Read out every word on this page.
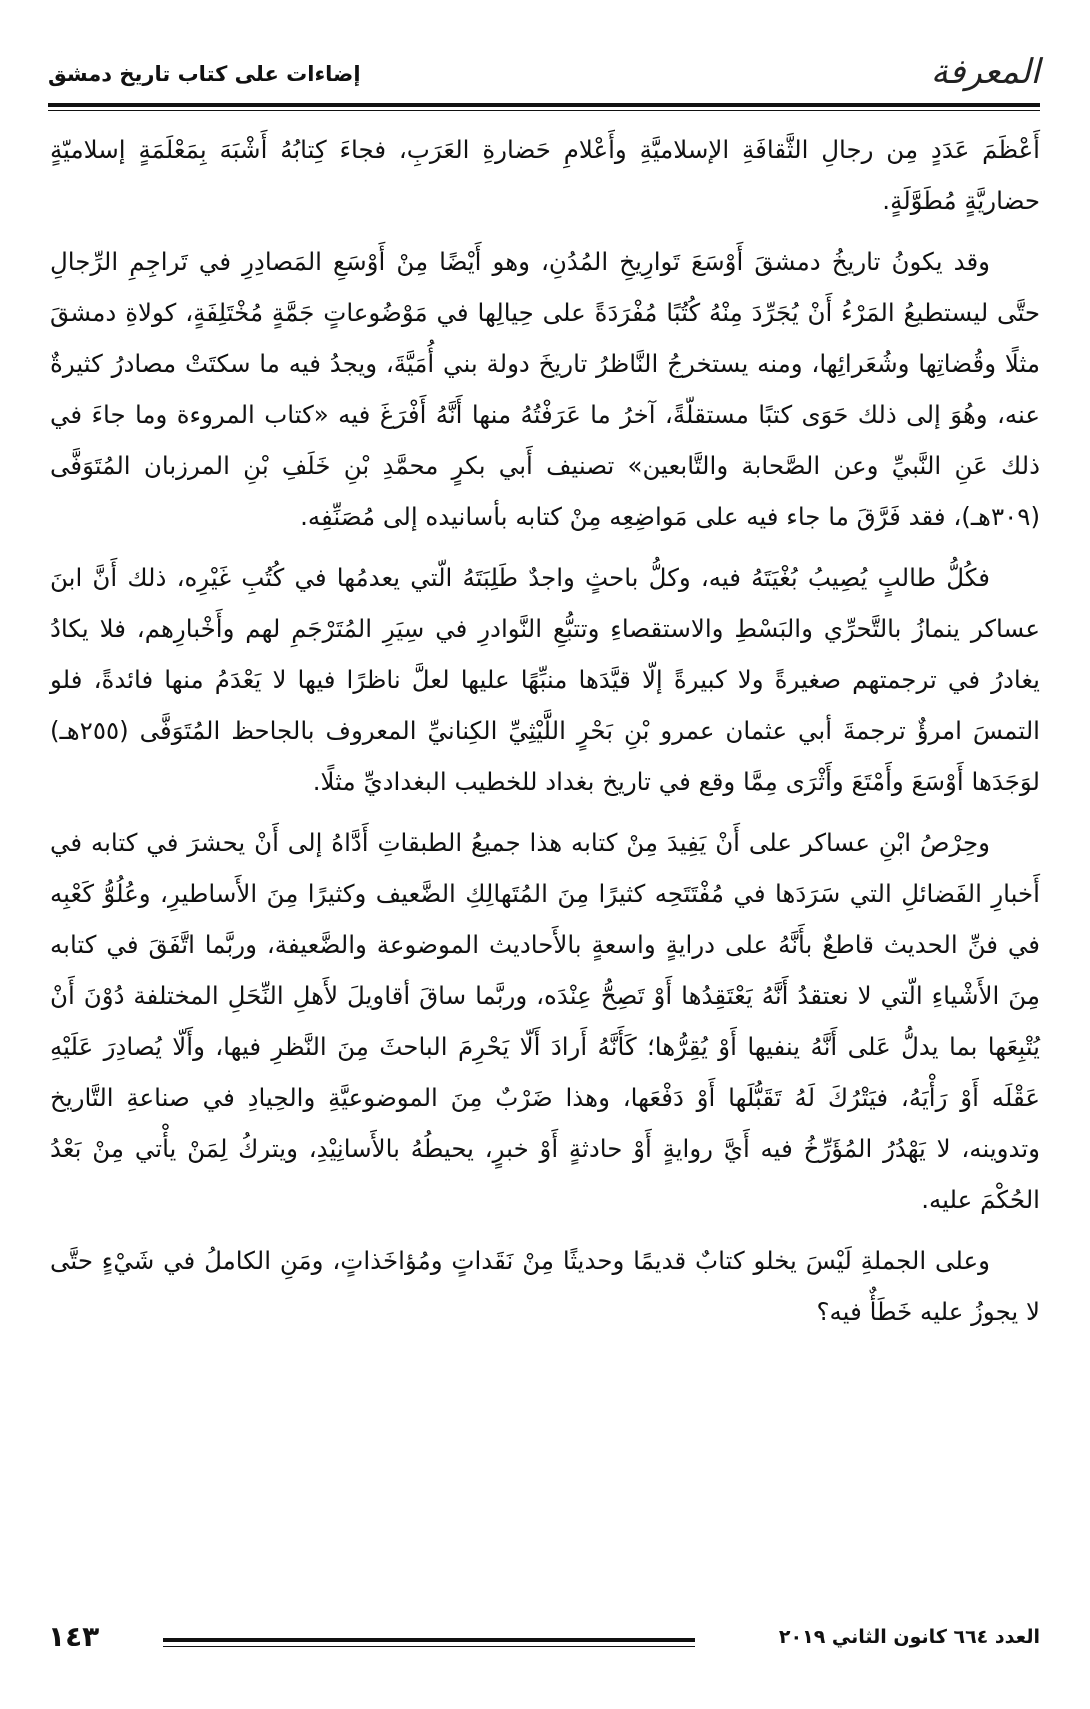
المعرفة
إضاءات على كتاب تاريخ دمشق

أَعْظَمَ عَدَدٍ مِن رجالِ الثَّقافَةِ الإسلاميَّةِ وأَعْلامِ حَضارةِ العَرَبِ، فجاءَ كِتابُهُ أَشْبَهَ بِمَعْلَمَةٍ إسلاميّةٍ حضاريَّةٍ مُطَوَّلَةٍ.

وقد يكونُ تاريخُ دمشقَ أَوْسَعَ تَوارِيخِ المُدُنِ، وهو أَيْضًا مِنْ أَوْسَعِ المَصادِرِ في تَراجِمِ الرِّجالِ حتَّى ليستطيعُ المَرْءُ أَنْ يُجَرِّدَ مِنْهُ كُتُبًا مُفْرَدَةً على حِيالِها في مَوْضُوعاتٍ جَمَّةٍ مُخْتَلِفَةٍ، كولاةِ دمشقَ مثلًا وقُضاتِها وشُعَرائِها، ومنه يستخرجُ النَّاظرُ تاريخَ دولة بني أُمَيَّةَ، ويجدُ فيه ما سكتَتْ مصادرُ كثيرةٌ عنه، وهُوَ إلى ذلك حَوَى كتبًا مستقلّةً، آخرُ ما عَرَفْتُهُ منها أَنَّهُ أَفْرَغَ فيه «كتاب المروءة وما جاءَ في ذلك عَنِ النَّبيِّ وعن الصَّحابة والتَّابعين» تصنيف أَبي بكرٍ محمَّدِ بْنِ خَلَفِ بْنِ المرزبان المُتَوَفَّى (٣٠٩هـ)، فقد فَرَّقَ ما جاء فيه على مَواضِعِه مِنْ كتابه بأسانيده إلى مُصَنِّفِه.

فكُلُّ طالبٍ يُصِيبُ بُغْيَتَهُ فيه، وكلُّ باحثٍ واجدٌ طَلِبَتَهُ الّتي يعدمُها في كُتُبِ غَيْرِه، ذلك أَنَّ ابنَ عساكر ينمازُ بالتَّحرِّي والبَسْطِ والاستقصاءِ وتتبُّعِ النَّوادرِ في سِيَرِ المُتَرْجَمِ لهم وأَخْبارِهم، فلا يكادُ يغادرُ في ترجمتهم صغيرةً ولا كبيرةً إلّا قيَّدَها منبِّهًا عليها لعلَّ ناظرًا فيها لا يَعْدَمُ منها فائدةً، فلو التمسَ امرؤٌ ترجمةَ أبي عثمان عمرو بْنِ بَحْرٍ اللَّيْثِيِّ الكِنانيِّ المعروف بالجاحظ المُتَوَفَّى (٢٥٥هـ) لوَجَدَها أَوْسَعَ وأَمْتَعَ وأَثْرَى مِمَّا وقع في تاريخ بغداد للخطيب البغداديِّ مثلًا.

وحِرْصُ ابْنِ عساكر على أَنْ يَفِيدَ مِنْ كتابه هذا جميعُ الطبقاتِ أَدَّاهُ إلى أَنْ يحشرَ في كتابه في أَخبارِ الفَضائلِ التي سَرَدَها في مُفْتَتَحِه كثيرًا مِنَ المُتَهالِكِ الضَّعيف وكثيرًا مِنَ الأَساطيرِ، وعُلُوُّ كَعْبِه في فنِّ الحديث قاطعٌ بأَنَّهُ على درايةٍ واسعةٍ بالأَحاديث الموضوعة والضَّعيفة، وربَّما اتَّفَقَ في كتابه مِنَ الأَشْياءِ الّتي لا نعتقدُ أَنَّهُ يَعْتَقِدُها أَوْ تَصِحُّ عِنْدَه، وربَّما ساقَ أقاويلَ لأَهلِ النِّحَلِ المختلفة دُوْنَ أَنْ يُتْبِعَها بما يدلُّ عَلى أَنَّهُ ينفيها أَوْ يُقِرُّها؛ كَأَنَّهُ أَرادَ أَلّا يَحْرِمَ الباحثَ مِنَ النَّظرِ فيها، وأَلّا يُصادِرَ عَلَيْهِ عَقْلَه أَوْ رَأْيَهُ، فيَتْرُكَ لَهُ تَقَبُّلَها أَوْ دَفْعَها، وهذا ضَرْبٌ مِنَ الموضوعيَّةِ والحِيادِ في صناعةِ التَّاريخ وتدوينه، لا يَهْدُرُ المُؤَرِّخُ فيه أَيَّ روايةٍ أَوْ حادثةٍ أَوْ خبرٍ، يحيطُهُ بالأَسانِيْدِ، ويتركُ لِمَنْ يأْتي مِنْ بَعْدُ الحُكْمَ عليه.

وعلى الجملةِ لَيْسَ يخلو كتابٌ قديمًا وحديثًا مِنْ نَقَداتٍ ومُؤاخَذاتٍ، ومَنِ الكاملُ في شَيْءٍ حتَّى لا يجوزُ عليه خَطَأٌ فيه؟

العدد ٦٦٤ كانون الثاني ٢٠١٩
١٤٣
